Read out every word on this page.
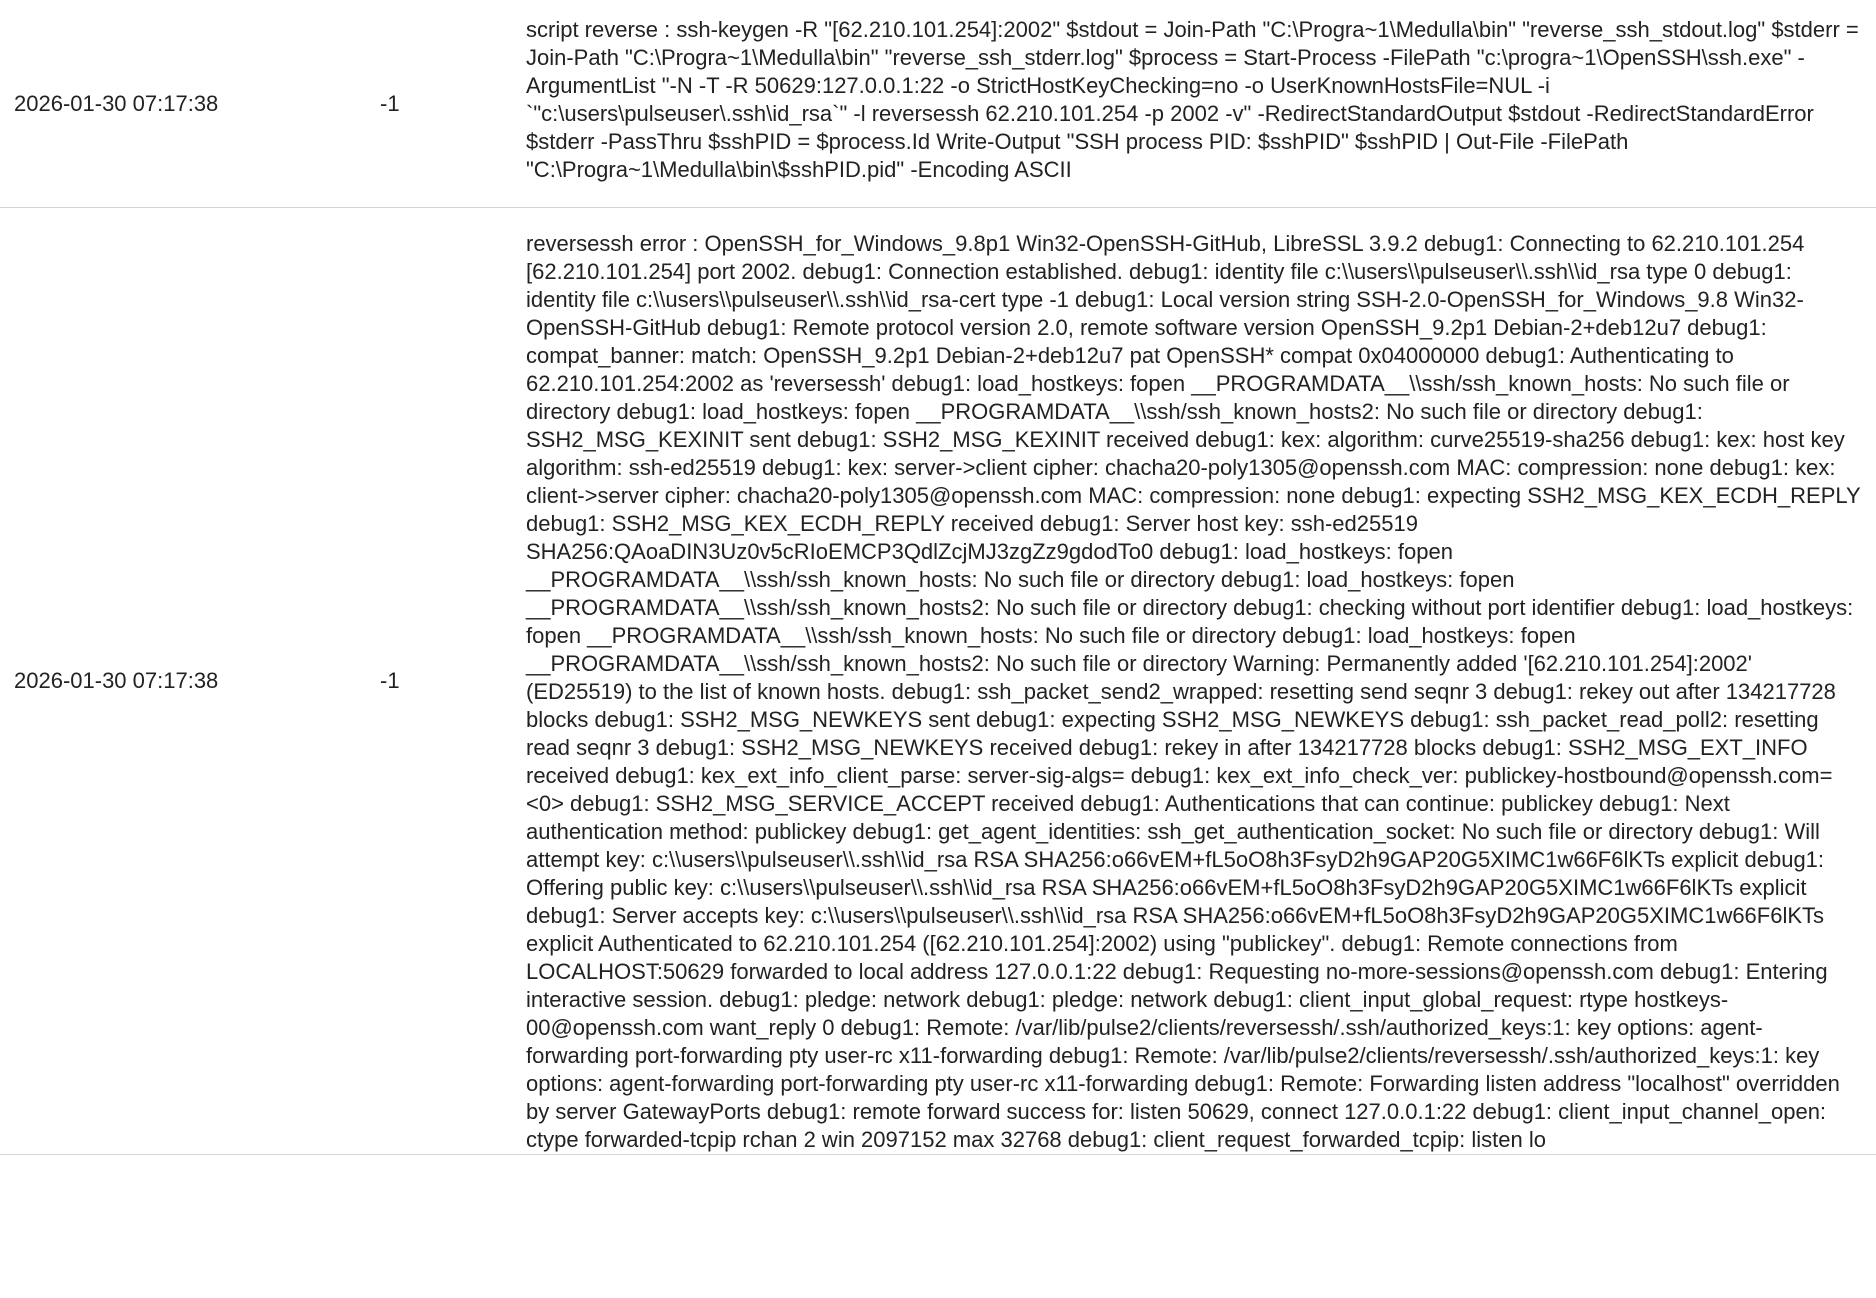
2026-01-30 07:17:38	-1	script reverse : ssh-keygen -R "[62.210.101.254]:2002" $stdout = Join-Path "C:\Progra~1\Medulla\bin" "reverse_ssh_stdout.log" $stderr = Join-Path "C:\Progra~1\Medulla\bin" "reverse_ssh_stderr.log" $process = Start-Process -FilePath "c:\progra~1\OpenSSH\ssh.exe" -ArgumentList "-N -T -R 50629:127.0.0.1:22 -o StrictHostKeyChecking=no -o UserKnownHostsFile=NUL -i `"c:\users\pulseuser\.ssh\id_rsa`" -l reversessh 62.210.101.254 -p 2002 -v" -RedirectStandardOutput $stdout -RedirectStandardError $stderr -PassThru $sshPID = $process.Id Write-Output "SSH process PID: $sshPID" $sshPID | Out-File -FilePath "C:\Progra~1\Medulla\bin\$sshPID.pid" -Encoding ASCII
2026-01-30 07:17:38	-1	reversessh error : OpenSSH_for_Windows_9.8p1 Win32-OpenSSH-GitHub, LibreSSL 3.9.2 debug1: Connecting to 62.210.101.254 [62.210.101.254] port 2002. debug1: Connection established. debug1: identity file c:\\users\\pulseuser\\.ssh\\id_rsa type 0 debug1: identity file c:\\users\\pulseuser\\.ssh\\id_rsa-cert type -1 debug1: Local version string SSH-2.0-OpenSSH_for_Windows_9.8 Win32-OpenSSH-GitHub debug1: Remote protocol version 2.0, remote software version OpenSSH_9.2p1 Debian-2+deb12u7 debug1: compat_banner: match: OpenSSH_9.2p1 Debian-2+deb12u7 pat OpenSSH* compat 0x04000000 debug1: Authenticating to 62.210.101.254:2002 as 'reversessh' debug1: load_hostkeys: fopen __PROGRAMDATA__\\ssh/ssh_known_hosts: No such file or directory debug1: load_hostkeys: fopen __PROGRAMDATA__\\ssh/ssh_known_hosts2: No such file or directory debug1: SSH2_MSG_KEXINIT sent debug1: SSH2_MSG_KEXINIT received debug1: kex: algorithm: curve25519-sha256 debug1: kex: host key algorithm: ssh-ed25519 debug1: kex: server->client cipher: chacha20-poly1305@openssh.com MAC: compression: none debug1: kex: client->server cipher: chacha20-poly1305@openssh.com MAC: compression: none debug1: expecting SSH2_MSG_KEX_ECDH_REPLY debug1: SSH2_MSG_KEX_ECDH_REPLY received debug1: Server host key: ssh-ed25519 SHA256:QAoaDIN3Uz0v5cRIoEMCP3QdlZcjMJ3zgZz9gdodTo0 debug1: load_hostkeys: fopen __PROGRAMDATA__\\ssh/ssh_known_hosts: No such file or directory debug1: load_hostkeys: fopen __PROGRAMDATA__\\ssh/ssh_known_hosts2: No such file or directory debug1: checking without port identifier debug1: load_hostkeys: fopen __PROGRAMDATA__\\ssh/ssh_known_hosts: No such file or directory debug1: load_hostkeys: fopen __PROGRAMDATA__\\ssh/ssh_known_hosts2: No such file or directory Warning: Permanently added '[62.210.101.254]:2002' (ED25519) to the list of known hosts. debug1: ssh_packet_send2_wrapped: resetting send seqnr 3 debug1: rekey out after 134217728 blocks debug1: SSH2_MSG_NEWKEYS sent debug1: expecting SSH2_MSG_NEWKEYS debug1: ssh_packet_read_poll2: resetting read seqnr 3 debug1: SSH2_MSG_NEWKEYS received debug1: rekey in after 134217728 blocks debug1: SSH2_MSG_EXT_INFO received debug1: kex_ext_info_client_parse: server-sig-algs= debug1: kex_ext_info_check_ver: publickey-hostbound@openssh.com=<0> debug1: SSH2_MSG_SERVICE_ACCEPT received debug1: Authentications that can continue: publickey debug1: Next authentication method: publickey debug1: get_agent_identities: ssh_get_authentication_socket: No such file or directory debug1: Will attempt key: c:\\users\\pulseuser\\.ssh\\id_rsa RSA SHA256:o66vEM+fL5oO8h3FsyD2h9GAP20G5XIMC1w66F6lKTs explicit debug1: Offering public key: c:\\users\\pulseuser\\.ssh\\id_rsa RSA SHA256:o66vEM+fL5oO8h3FsyD2h9GAP20G5XIMC1w66F6lKTs explicit debug1: Server accepts key: c:\\users\\pulseuser\\.ssh\\id_rsa RSA SHA256:o66vEM+fL5oO8h3FsyD2h9GAP20G5XIMC1w66F6lKTs explicit Authenticated to 62.210.101.254 ([62.210.101.254]:2002) using "publickey". debug1: Remote connections from LOCALHOST:50629 forwarded to local address 127.0.0.1:22 debug1: Requesting no-more-sessions@openssh.com debug1: Entering interactive session. debug1: pledge: network debug1: pledge: network debug1: client_input_global_request: rtype hostkeys-00@openssh.com want_reply 0 debug1: Remote: /var/lib/pulse2/clients/reversessh/.ssh/authorized_keys:1: key options: agent-forwarding port-forwarding pty user-rc x11-forwarding debug1: Remote: /var/lib/pulse2/clients/reversessh/.ssh/authorized_keys:1: key options: agent-forwarding port-forwarding pty user-rc x11-forwarding debug1: Remote: Forwarding listen address "localhost" overridden by server GatewayPorts debug1: remote forward success for: listen 50629, connect 127.0.0.1:22 debug1: client_input_channel_open: ctype forwarded-tcpip rchan 2 win 2097152 max 32768 debug1: client_request_forwarded_tcpip: listen lo
